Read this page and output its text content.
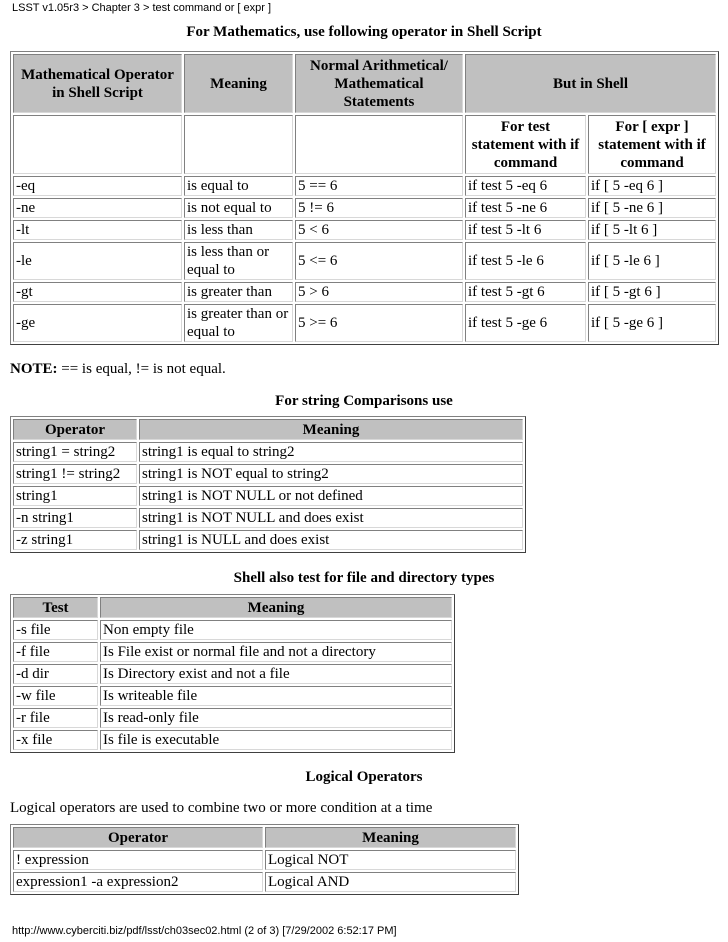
LSST v1.05r3 > Chapter 3 > test command or [ expr ]
For Mathematics, use following operator in Shell Script
Mathematical Operator in Shell Script	Meaning	Normal Arithmetical/ Mathematical Statements	But in Shell	
			For test statement with if command	For [ expr ] statement with if command
-eq	is equal to	5 == 6	if test 5 -eq 6	if [ 5 -eq 6 ]
-ne	is not equal to	5 != 6	if test 5 -ne 6	if [ 5 -ne 6 ]
-lt	is less than	5 < 6	if test 5 -lt 6	if [ 5 -lt 6 ]
-le	is less than or equal to	5 <= 6	if test 5 -le 6	if [ 5 -le 6 ]
-gt	is greater than	5 > 6	if test 5 -gt 6	if [ 5 -gt 6 ]
-ge	is greater than or equal to	5 >= 6	if test 5 -ge 6	if [ 5 -ge 6 ]
NOTE: == is equal, != is not equal.
For string Comparisons use
Operator	Meaning
string1 = string2	string1 is equal to string2
string1 != string2	string1 is NOT equal to string2
string1	string1 is NOT NULL or not defined
-n string1	string1 is NOT NULL and does exist
-z string1	string1 is NULL and does exist
Shell also test for file and directory types
Test	Meaning
-s file	Non empty file
-f file	Is File exist or normal file and not a directory
-d dir	Is Directory exist and not a file
-w file	Is writeable file
-r file	Is read-only file
-x file	Is file is executable
Logical Operators
Logical operators are used to combine two or more condition at a time
Operator	Meaning
! expression	Logical NOT
expression1 -a expression2	Logical AND
http://www.cyberciti.biz/pdf/lsst/ch03sec02.html (2 of 3) [7/29/2002 6:52:17 PM]
